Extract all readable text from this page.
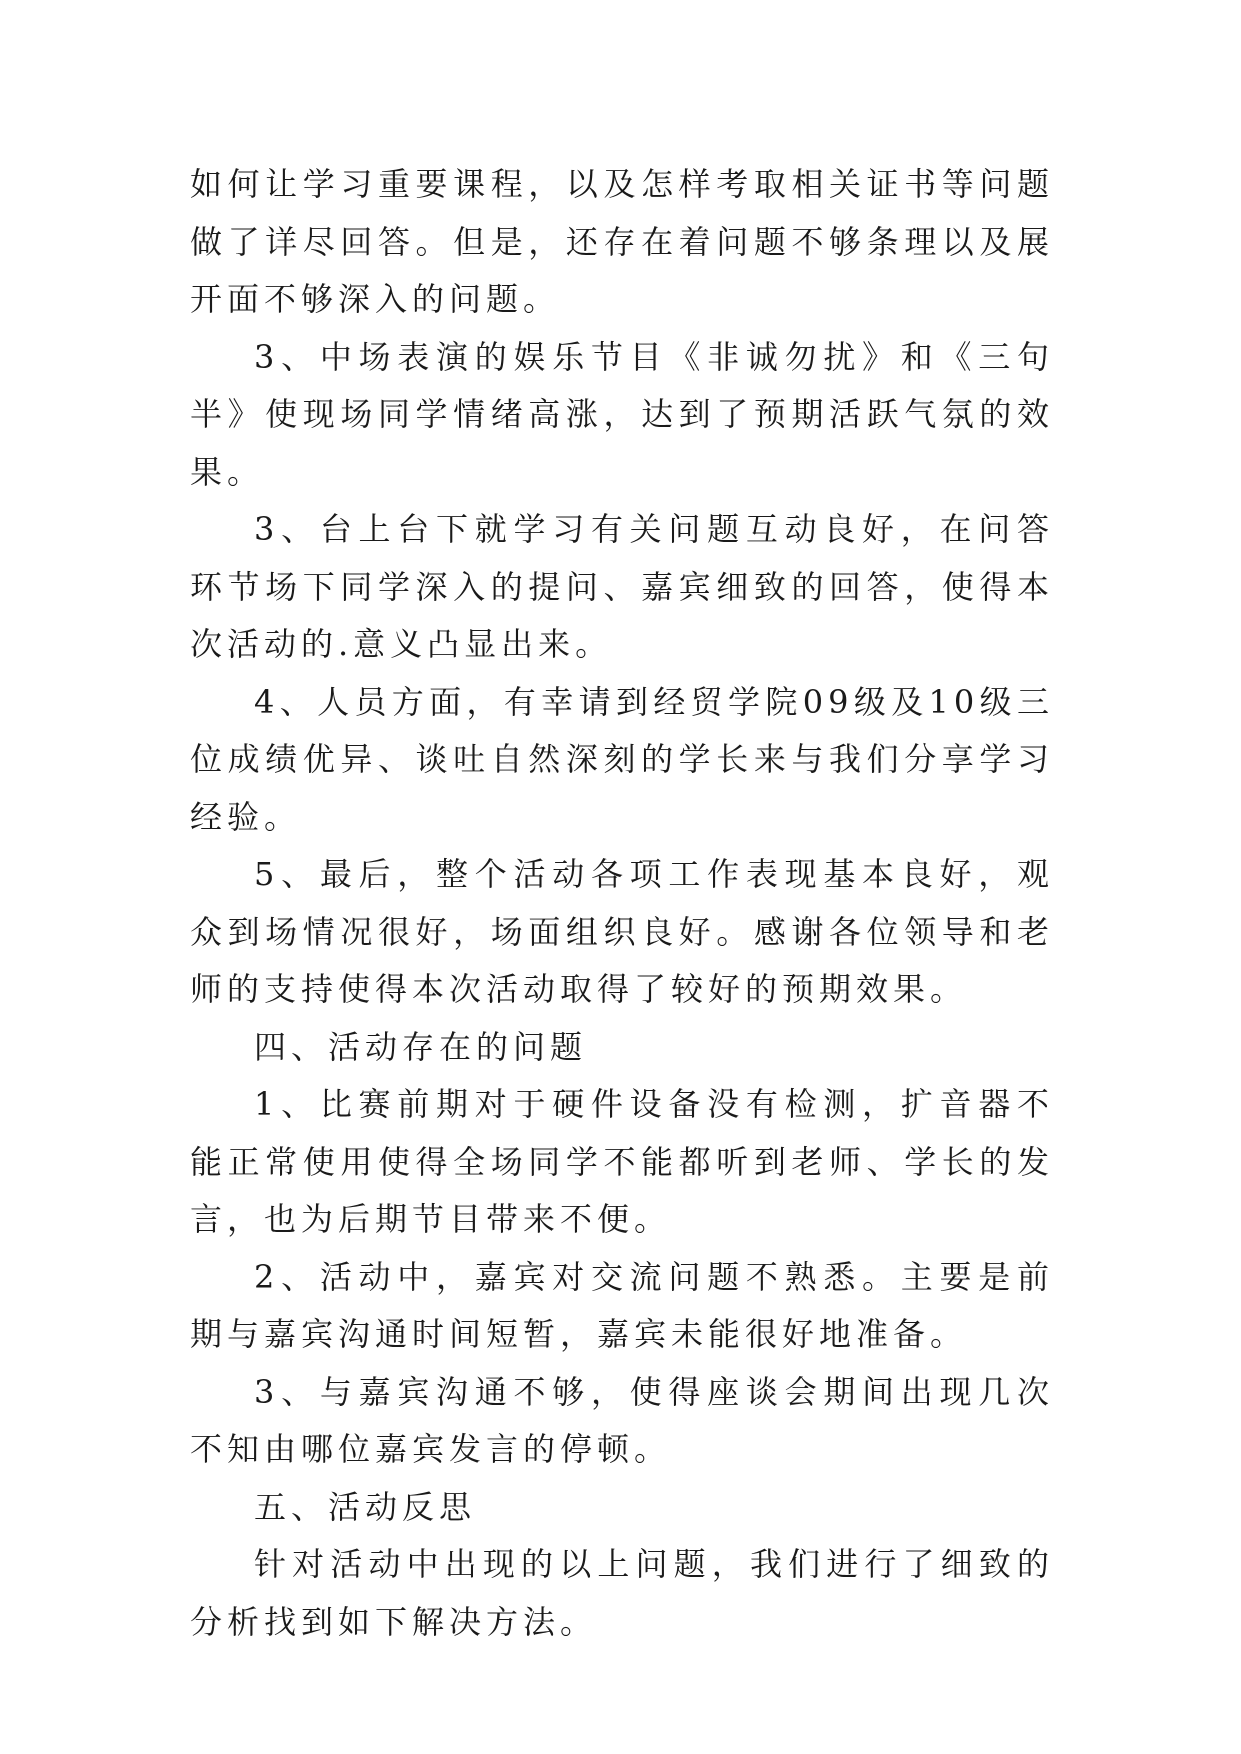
如何让学习重要课程，以及怎样考取相关证书等问题做了详尽回答。但是，还存在着问题不够条理以及展开面不够深入的问题。

3、中场表演的娱乐节目《非诚勿扰》和《三句半》使现场同学情绪高涨，达到了预期活跃气氛的效果。

3、台上台下就学习有关问题互动良好，在问答环节场下同学深入的提问、嘉宾细致的回答，使得本次活动的.意义凸显出来。

4、人员方面，有幸请到经贸学院09级及10级三位成绩优异、谈吐自然深刻的学长来与我们分享学习经验。

5、最后，整个活动各项工作表现基本良好，观众到场情况很好，场面组织良好。感谢各位领导和老师的支持使得本次活动取得了较好的预期效果。

四、活动存在的问题

1、比赛前期对于硬件设备没有检测，扩音器不能正常使用使得全场同学不能都听到老师、学长的发言，也为后期节目带来不便。

2、活动中，嘉宾对交流问题不熟悉。主要是前期与嘉宾沟通时间短暂，嘉宾未能很好地准备。

3、与嘉宾沟通不够，使得座谈会期间出现几次不知由哪位嘉宾发言的停顿。

五、活动反思

针对活动中出现的以上问题，我们进行了细致的分析找到如下解决方法。
